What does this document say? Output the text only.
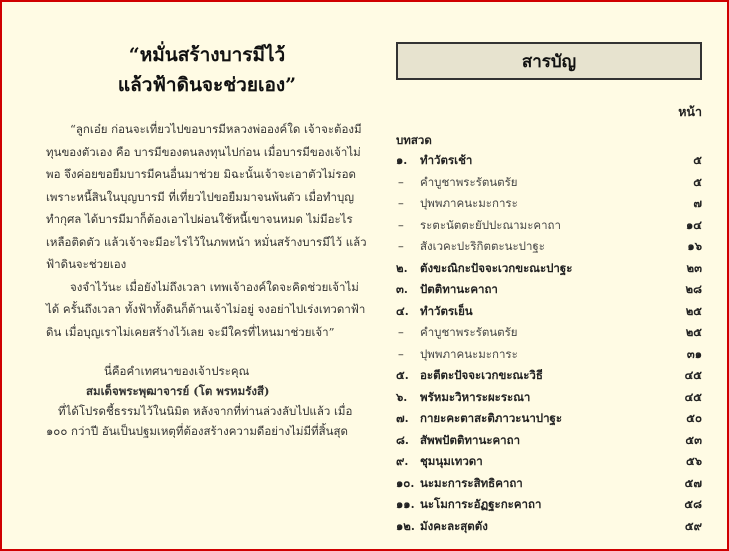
“หมั่นสร้างบารมีไว้
แล้วฟ้าดินจะช่วยเอง”

“ลูกเอ๋ย ก่อนจะเที่ยวไปขอบารมีหลวงพ่อองค์ใด เจ้าจะต้องมีทุนของตัวเอง คือ บารมีของตนลงทุนไปก่อน เมื่อบารมีของเจ้าไม่พอ จึงค่อยขอยืมบารมีคนอื่นมาช่วย มิฉะนั้นเจ้าจะเอาตัวไม่รอด เพราะหนี้สินในบุญบารมี ที่เที่ยวไปขอยืมมาจนพ้นตัว เมื่อทำบุญทำกุศล ได้บารมีมาก็ต้องเอาไปผ่อนใช้หนี้เขาจนหมด ไม่มีอะไรเหลือติดตัว แล้วเจ้าจะมีอะไรไว้ในภพหน้า หมั่นสร้างบารมีไว้ แล้วฟ้าดินจะช่วยเอง

จงจำไว้นะ เมื่อยังไม่ถึงเวลา เทพเจ้าองค์ใดจะคิดช่วยเจ้าไม่ได้ ครั้นถึงเวลา ทั้งฟ้าทั้งดินก็ต้านเจ้าไม่อยู่ จงอย่าไปเร่งเทวดาฟ้าดิน เมื่อบุญเราไม่เคยสร้างไว้เลย จะมีใครที่ไหนมาช่วยเจ้า”

นี่คือคำเทศนาของเจ้าประคุณ
สมเด็จพระพุฒาจารย์ (โต พรหมรังสี)
ที่ได้โปรดชี้ธรรมไว้ในนิมิต หลังจากที่ท่านล่วงลับไปแล้ว เมื่อ ๑๐๐ กว่าปี อันเป็นปฐมเหตุที่ต้องสร้างความดีอย่างไม่มีที่สิ้นสุด
สารบัญ
หน้า
บทสวด
๑.	ทำวัตรเช้า	๕
–	คำบูชาพระรัตนตรัย	๕
–	ปุพพภาคนะมะการะ	๗
–	ระตะนัตตะยัปปะณามะคาถา	๑๔
–	สังเวคะปะริกิตตะนะปาฐะ	๑๖
๒.	ตังขะณิกะปัจจะเวกขะณะปาฐะ	๒๓
๓.	ปัตติทานะคาถา	๒๘
๔. ทำวัตรเย็น	๒๕
–	คำบูชาพระรัตนตรัย	๒๕
–	ปุพพภาคนะมะการะ	๓๑
๕. อะตีตะปัจจะเวกขะณะวิธี	๔๕
๖.	พรัหมะวิหาระผะระณา	๔๕
๗. กายะคะตาสะติภาวะนาปาฐะ	๕๐
๘. สัพพปัตติทานะคาถา	๕๓
๙.	ชุมนุมเทวดา	๕๖
๑๐. นะมะการะสิทธิคาถา	๕๗
๑๑. นะโมการะอัฏฐะกะคาถา	๕๘
๑๒. มังคะละสุตตัง	๕๙
